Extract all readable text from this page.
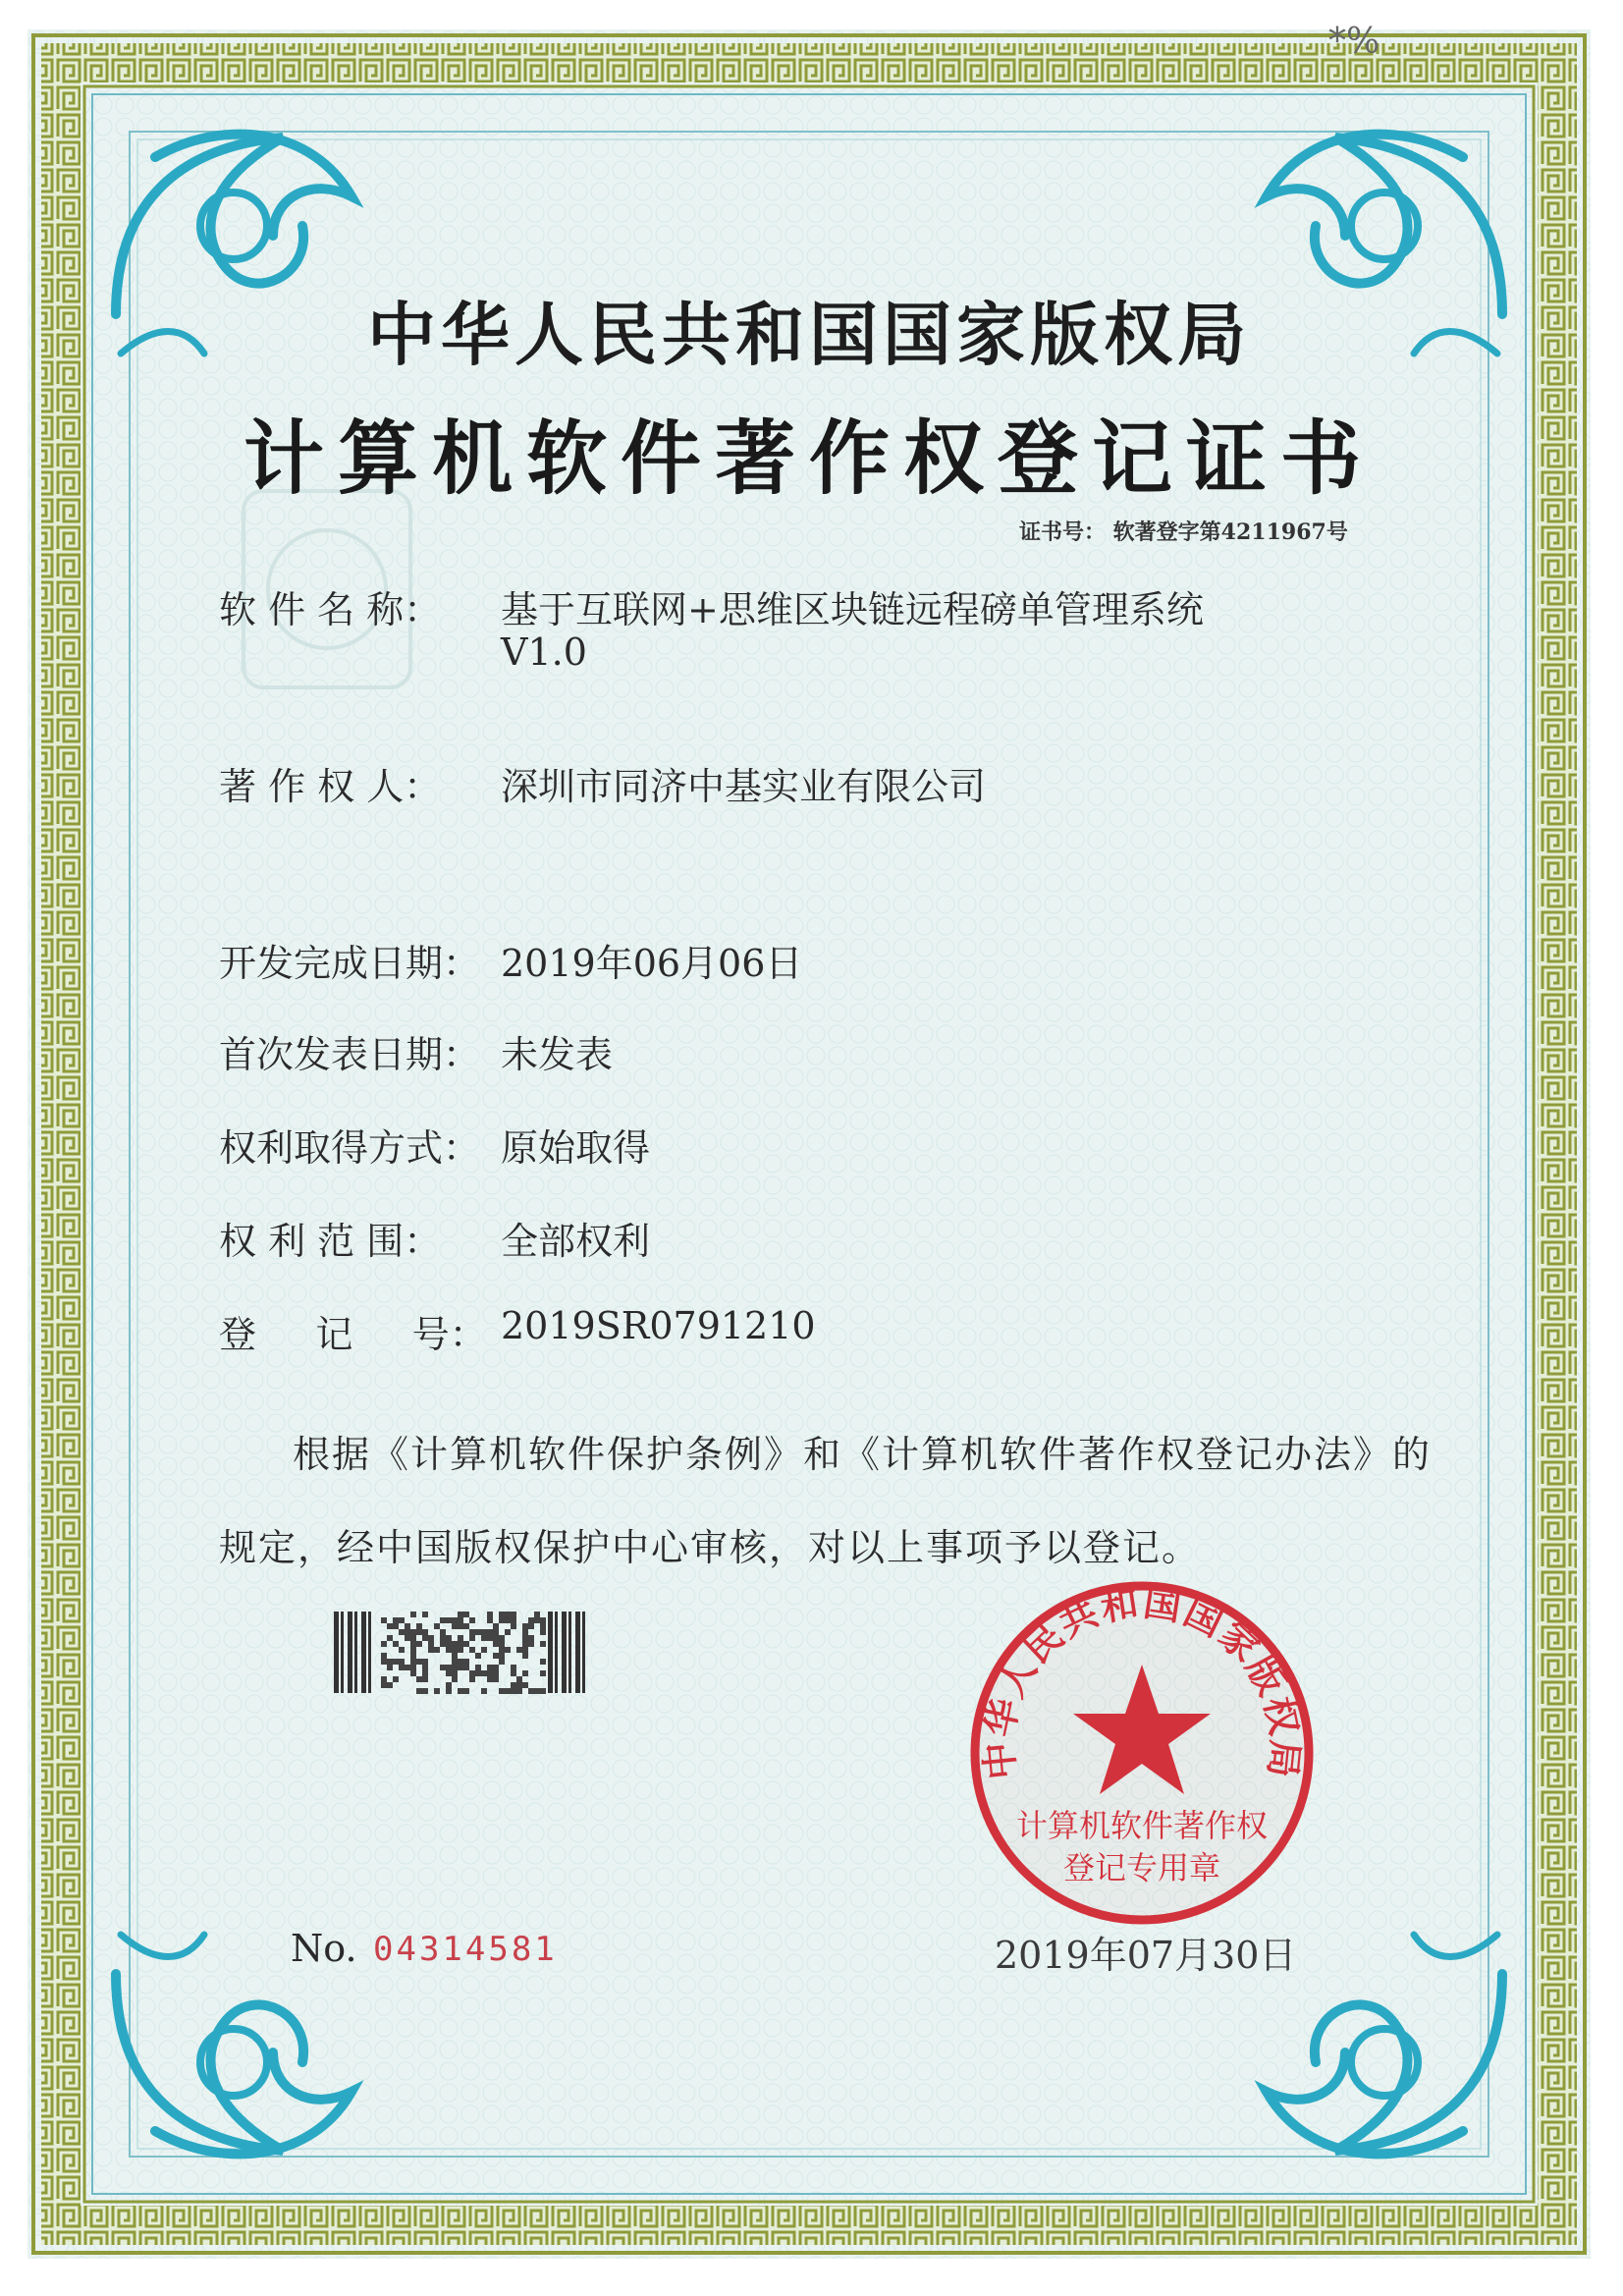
*%
中华人民共和国国家版权局
计算机软件著作权登记证书
证书号： 软著登字第4211967号
软 件 名 称： 基于互联网+思维区块链远程磅单管理系统
V1.0
著 作 权 人： 深圳市同济中基实业有限公司
开发完成日期： 2019年06月06日
首次发表日期： 未发表
权利取得方式： 原始取得
权 利 范 围： 全部权利
登     记     号： 2019SR0791210
根据《计算机软件保护条例》和《计算机软件著作权登记办法》的
规定，经中国版权保护中心审核，对以上事项予以登记。
中华人民共和国国家版权局
计算机软件著作权
登记专用章
No. 04314581	2019年07月30日
